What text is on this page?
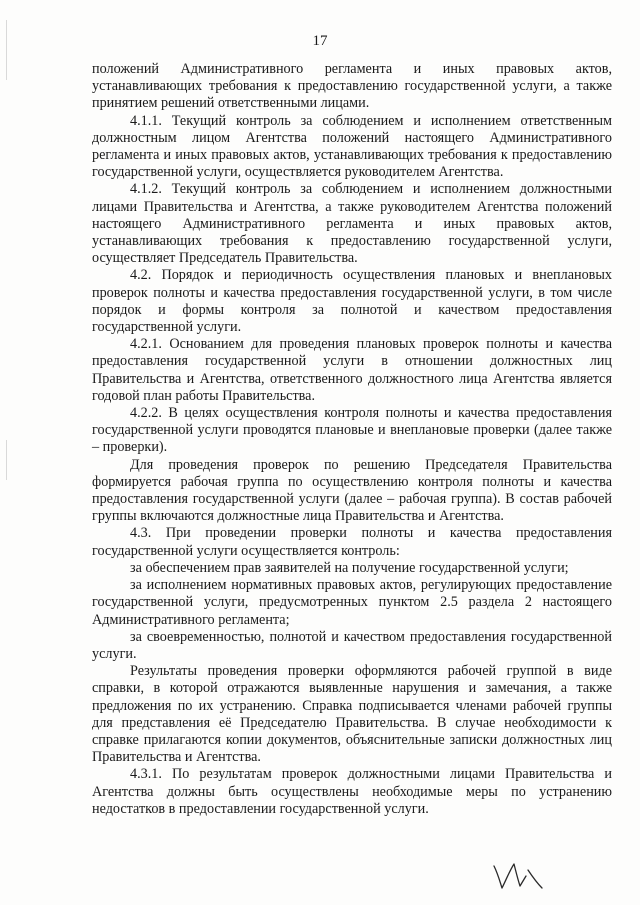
17

положений Административного регламента и иных правовых актов, устанавливающих требования к предоставлению государственной услуги, а также принятием решений ответственными лицами.

4.1.1. Текущий контроль за соблюдением и исполнением ответственным должностным лицом Агентства положений настоящего Административного регламента и иных правовых актов, устанавливающих требования к предоставлению государственной услуги, осуществляется руководителем Агентства.

4.1.2. Текущий контроль за соблюдением и исполнением должностными лицами Правительства и Агентства, а также руководителем Агентства положений настоящего Административного регламента и иных правовых актов, устанавливающих требования к предоставлению государственной услуги, осуществляет Председатель Правительства.

4.2. Порядок и периодичность осуществления плановых и внеплановых проверок полноты и качества предоставления государственной услуги, в том числе порядок и формы контроля за полнотой и качеством предоставления государственной услуги.

4.2.1. Основанием для проведения плановых проверок полноты и качества предоставления государственной услуги в отношении должностных лиц Правительства и Агентства, ответственного должностного лица Агентства является годовой план работы Правительства.

4.2.2. В целях осуществления контроля полноты и качества предоставления государственной услуги проводятся плановые и внеплановые проверки (далее также – проверки).

Для проведения проверок по решению Председателя Правительства формируется рабочая группа по осуществлению контроля полноты и качества предоставления государственной услуги (далее – рабочая группа). В состав рабочей группы включаются должностные лица Правительства и Агентства.

4.3. При проведении проверки полноты и качества предоставления государственной услуги осуществляется контроль:

за обеспечением прав заявителей на получение государственной услуги;

за исполнением нормативных правовых актов, регулирующих предоставление государственной услуги, предусмотренных пунктом 2.5 раздела 2 настоящего Административного регламента;

за своевременностью, полнотой и качеством предоставления государственной услуги.

Результаты проведения проверки оформляются рабочей группой в виде справки, в которой отражаются выявленные нарушения и замечания, а также предложения по их устранению. Справка подписывается членами рабочей группы для представления её Председателю Правительства. В случае необходимости к справке прилагаются копии документов, объяснительные записки должностных лиц Правительства и Агентства.

4.3.1. По результатам проверок должностными лицами Правительства и Агентства должны быть осуществлены необходимые меры по устранению недостатков в предоставлении государственной услуги.
